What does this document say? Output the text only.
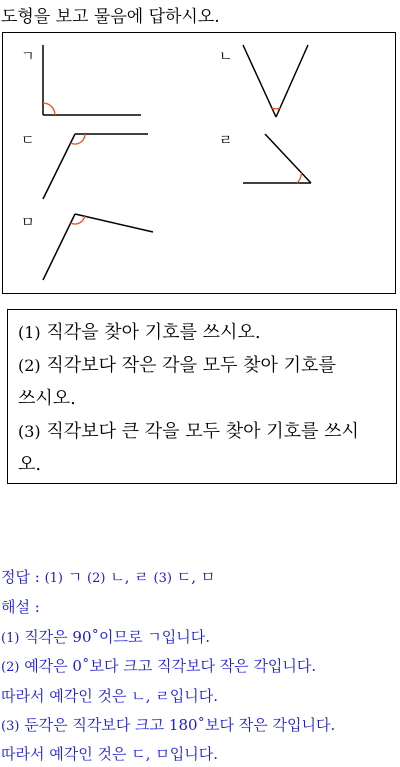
도형을 보고 물음에 답하시오.
ㄱ	ㄴ
ㄷ	ㄹ
ㅁ
(1) 직각을 찾아 기호를 쓰시오.
(2) 직각보다 작은 각을 모두 찾아 기호를
쓰시오.
(3) 직각보다 큰 각을 모두 찾아 기호를 쓰시
오.
정답 : (1) ㄱ (2) ㄴ, ㄹ (3) ㄷ, ㅁ
해설 :
(1) 직각은 90˚이므로 ㄱ입니다.
(2) 예각은 0˚보다 크고 직각보다 작은 각입니다.
따라서 예각인 것은 ㄴ, ㄹ입니다.
(3) 둔각은 직각보다 크고 180˚보다 작은 각입니다.
따라서 예각인 것은 ㄷ, ㅁ입니다.
